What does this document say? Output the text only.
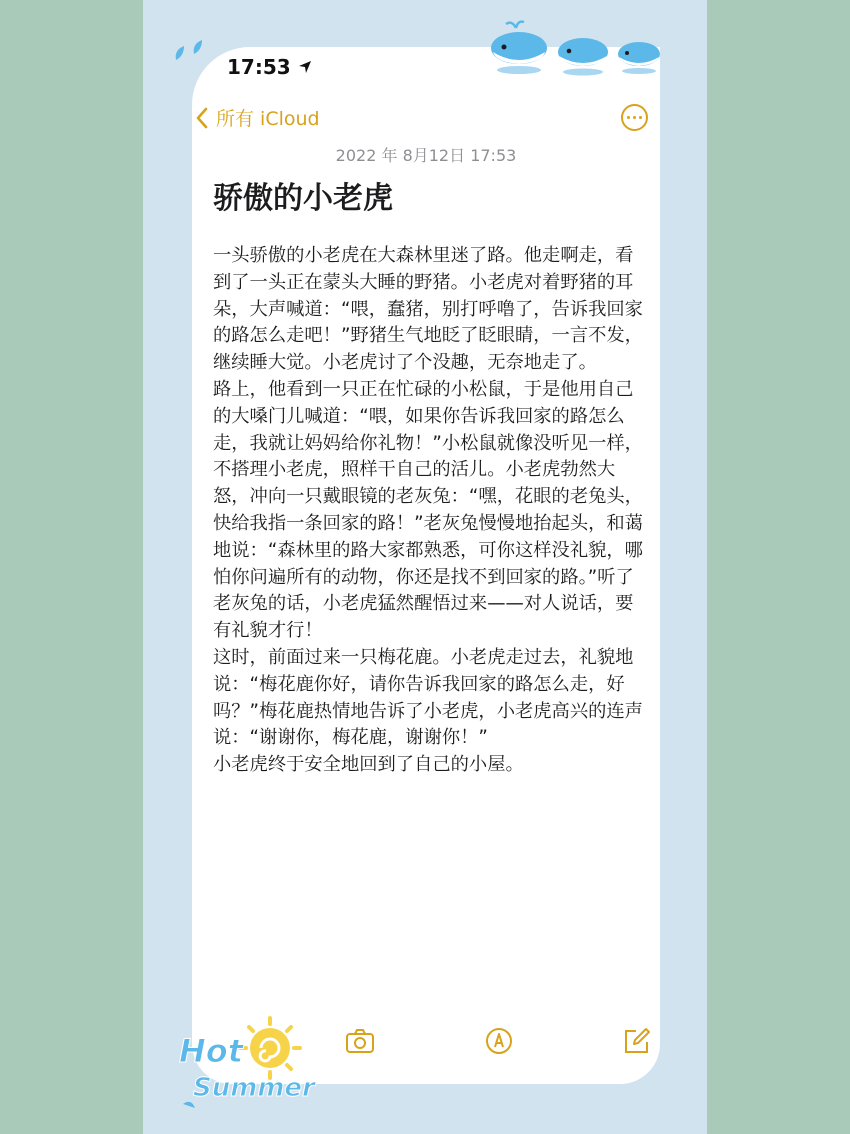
17:53
所有 iCloud
2022 年 8月12日 17:53
骄傲的小老虎

一头骄傲的小老虎在大森林里迷了路。他走啊走，看到了一头正在蒙头大睡的野猪。小老虎对着野猪的耳朵，大声喊道：“喂，蠢猪，别打呼噜了，告诉我回家的路怎么走吧！”野猪生气地眨了眨眼睛，一言不发，继续睡大觉。小老虎讨了个没趣，无奈地走了。

路上，他看到一只正在忙碌的小松鼠，于是他用自己的大嗓门儿喊道：“喂，如果你告诉我回家的路怎么走，我就让妈妈给你礼物！”小松鼠就像没听见一样，不搭理小老虎，照样干自己的活儿。小老虎勃然大怒，冲向一只戴眼镜的老灰兔：“嘿，花眼的老兔头，快给我指一条回家的路！”老灰兔慢慢地抬起头，和蔼地说：“森林里的路大家都熟悉，可你这样没礼貌，哪怕你问遍所有的动物，你还是找不到回家的路。”听了老灰兔的话，小老虎猛然醒悟过来——对人说话，要有礼貌才行！

这时，前面过来一只梅花鹿。小老虎走过去，礼貌地说：“梅花鹿你好，请你告诉我回家的路怎么走，好吗？”梅花鹿热情地告诉了小老虎，小老虎高兴的连声说：“谢谢你，梅花鹿，谢谢你！”

小老虎终于安全地回到了自己的小屋。

Hot
Summer
